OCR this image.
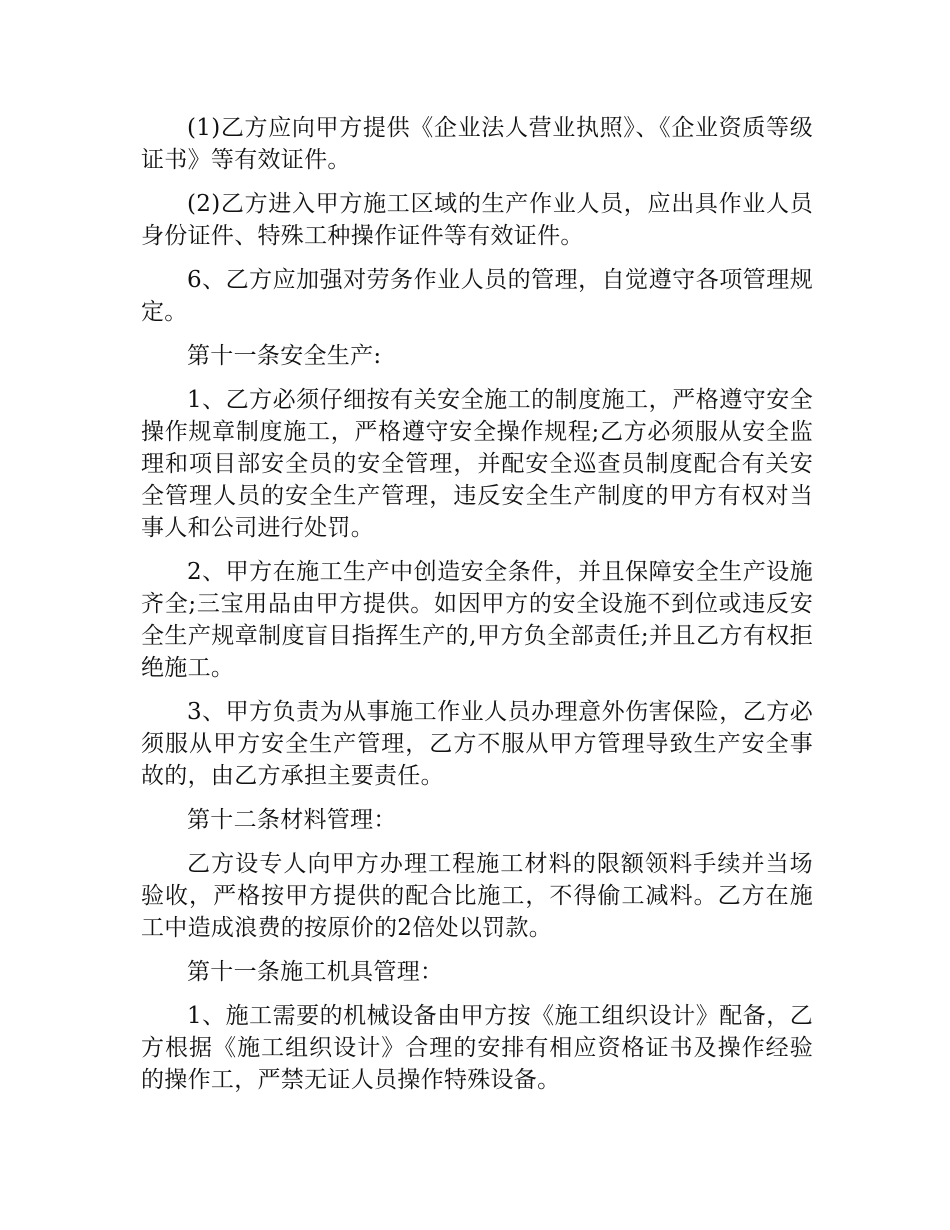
(1)乙方应向甲方提供《企业法人营业执照》、《企业资质等级证书》等有效证件。

(2)乙方进入甲方施工区域的生产作业人员，应出具作业人员身份证件、特殊工种操作证件等有效证件。

6、乙方应加强对劳务作业人员的管理，自觉遵守各项管理规定。

第十一条安全生产:

1、乙方必须仔细按有关安全施工的制度施工，严格遵守安全操作规章制度施工，严格遵守安全操作规程;乙方必须服从安全监理和项目部安全员的安全管理，并配安全巡查员制度配合有关安全管理人员的安全生产管理，违反安全生产制度的甲方有权对当事人和公司进行处罚。

2、甲方在施工生产中创造安全条件，并且保障安全生产设施齐全;三宝用品由甲方提供。如因甲方的安全设施不到位或违反安全生产规章制度盲目指挥生产的,甲方负全部责任;并且乙方有权拒绝施工。

3、甲方负责为从事施工作业人员办理意外伤害保险，乙方必须服从甲方安全生产管理，乙方不服从甲方管理导致生产安全事故的，由乙方承担主要责任。

第十二条材料管理：

乙方设专人向甲方办理工程施工材料的限额领料手续并当场验收，严格按甲方提供的配合比施工，不得偷工减料。乙方在施工中造成浪费的按原价的2倍处以罚款。

第十一条施工机具管理：

1、施工需要的机械设备由甲方按《施工组织设计》配备，乙方根据《施工组织设计》合理的安排有相应资格证书及操作经验的操作工，严禁无证人员操作特殊设备。
